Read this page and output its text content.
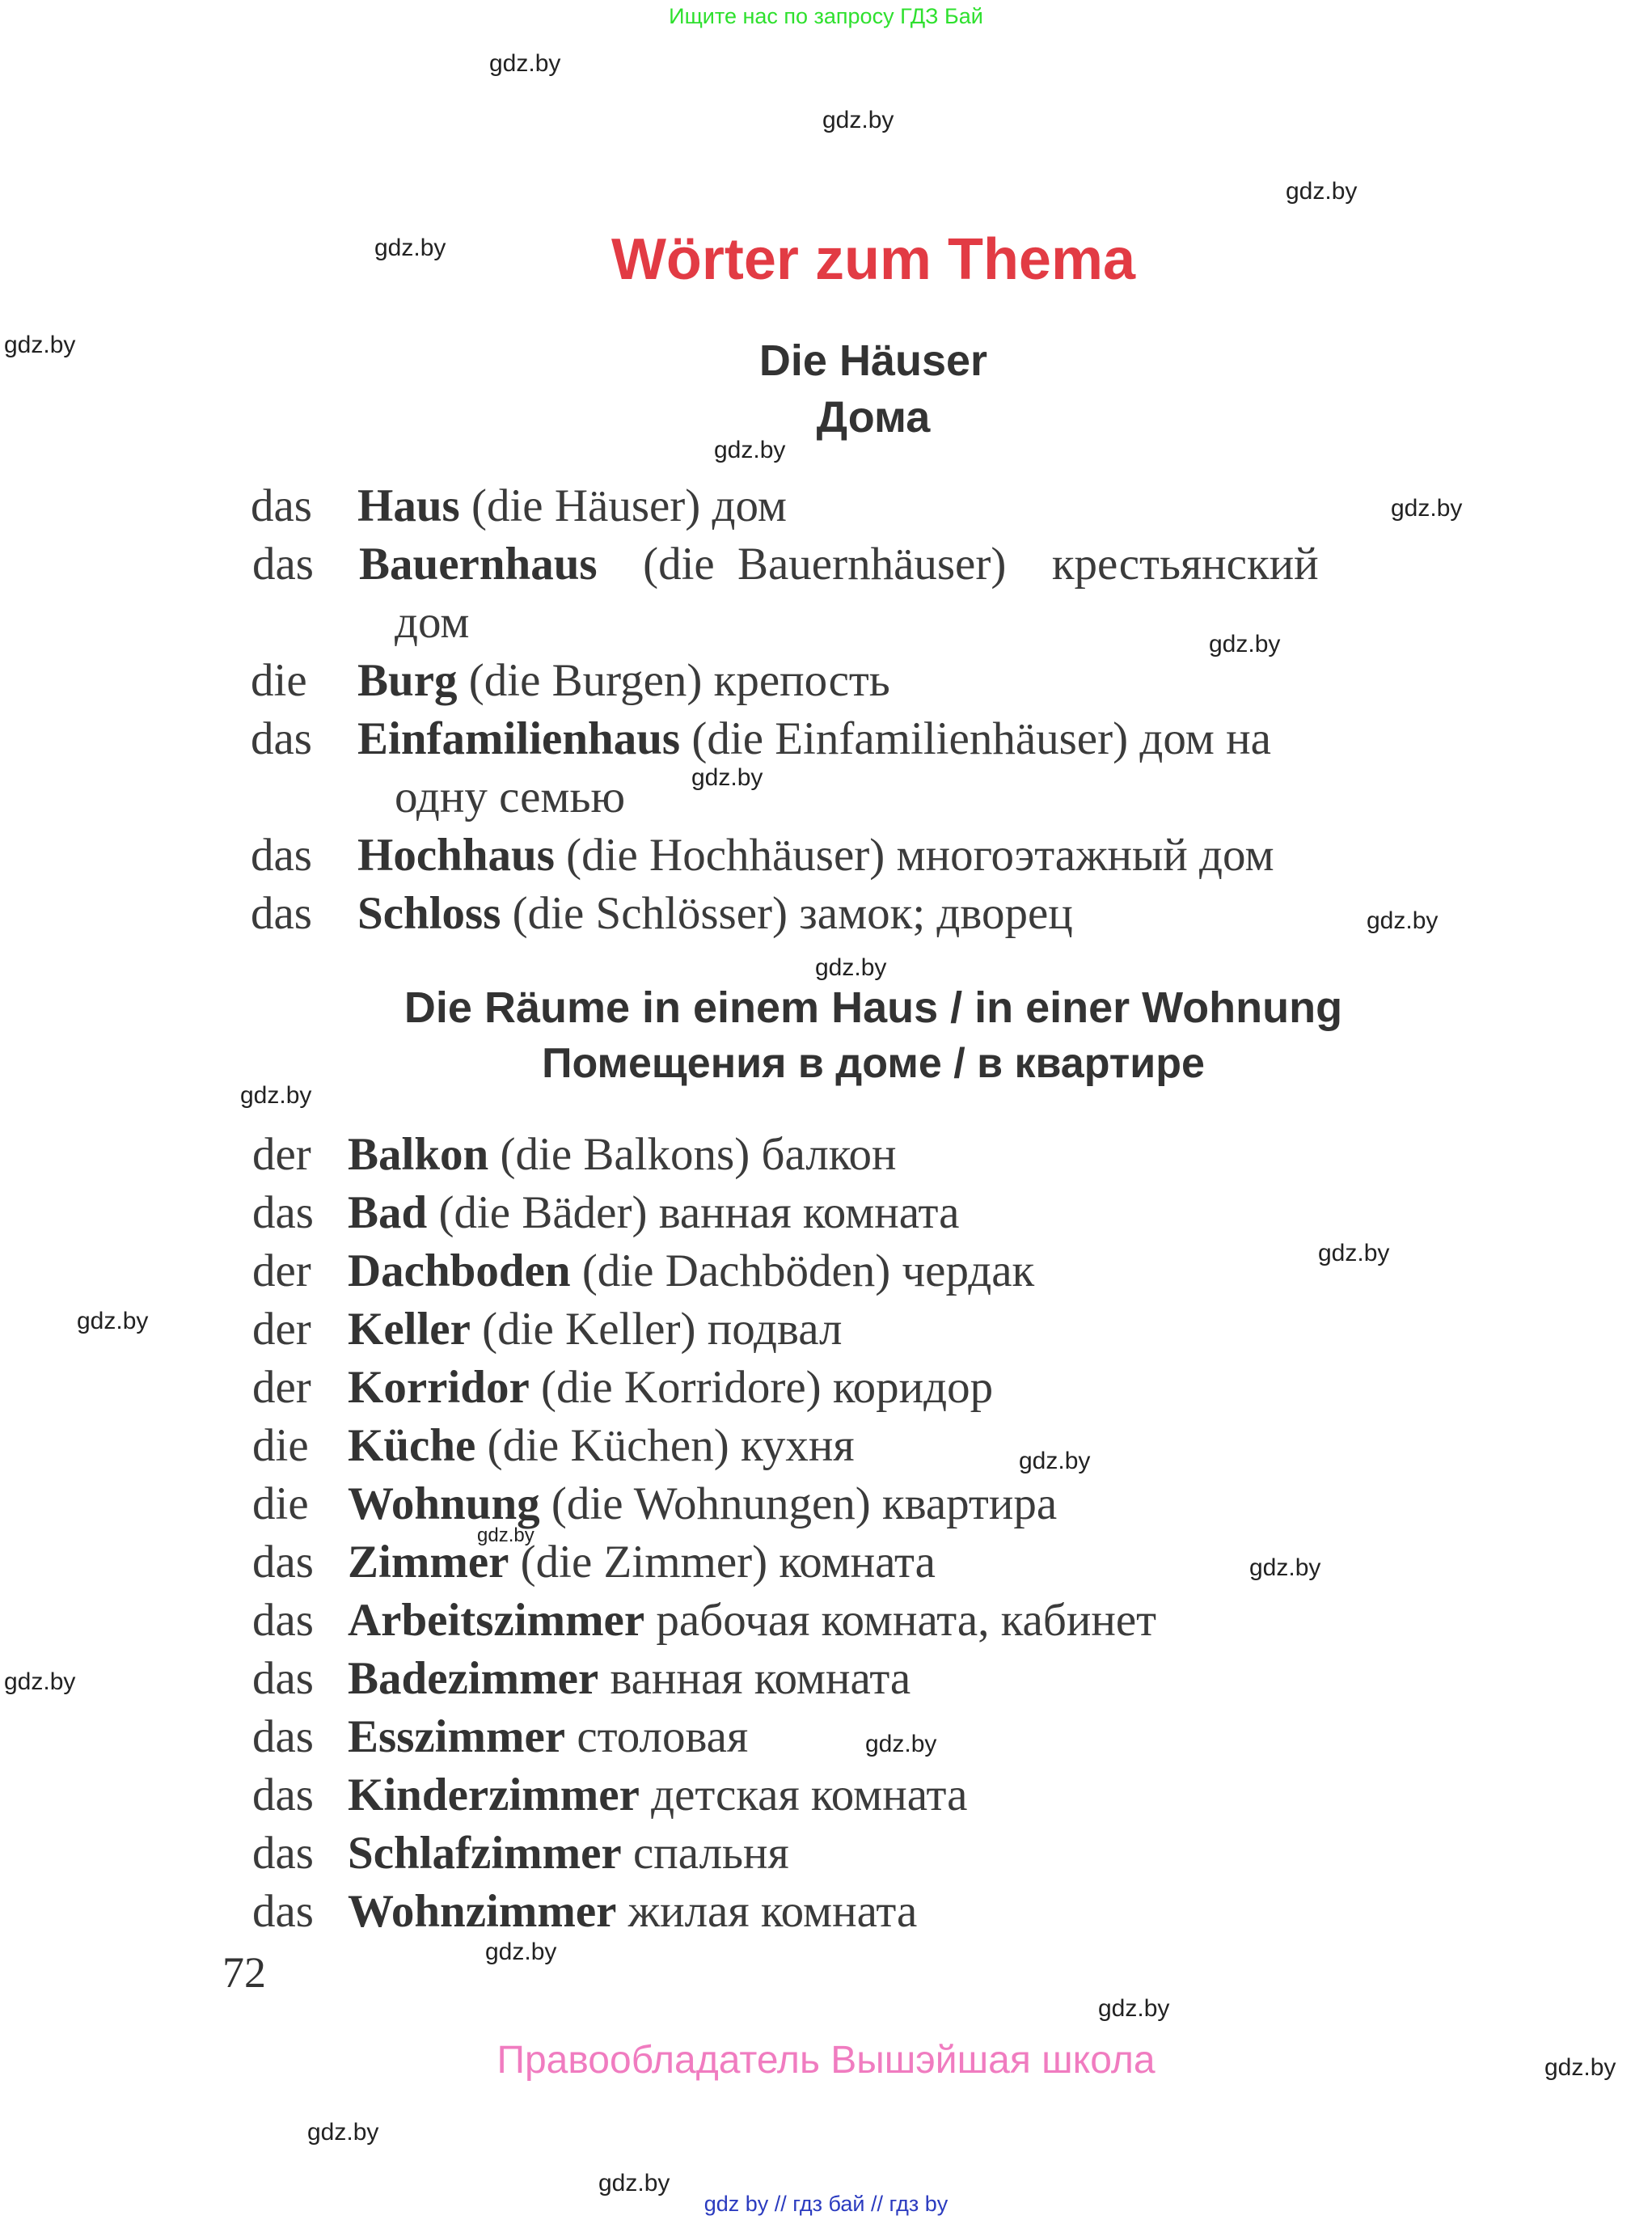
Ищите нас по запросу ГДЗ Бай
Wörter zum Thema
Die Häuser
Дома
das Haus (die Häuser) дом
das Bauernhaus (die Bauernhäuser) крестьянский
дом
die Burg (die Burgen) крепость
das Einfamilienhaus (die Einfamilienhäuser) дом на
одну семью
das Hochhaus (die Hochhäuser) многоэтажный дом
das Schloss (die Schlösser) замок; дворец
Die Räume in einem Haus / in einer Wohnung
Помещения в доме / в квартире
der Balkon (die Balkons) балкон
das Bad (die Bäder) ванная комната
der Dachboden (die Dachböden) чердак
der Keller (die Keller) подвал
der Korridor (die Korridore) коридор
die Küche (die Küchen) кухня
die Wohnung (die Wohnungen) квартира
das Zimmer (die Zimmer) комната
das Arbeitszimmer рабочая комната, кабинет
das Badezimmer ванная комната
das Esszimmer столовая
das Kinderzimmer детская комната
das Schlafzimmer спальня
das Wohnzimmer жилая комната
72
Правообладатель Вышэйшая школа
gdz by // гдз бай // гдз by
gdz.by
gdz.by
gdz.by
gdz.by
gdz.by
gdz.by
gdz.by
gdz.by
gdz.by
gdz.by
gdz.by
gdz.by
gdz.by
gdz.by
gdz.by
gdz.by
gdz.by
gdz.by
gdz.by
gdz.by
gdz.by
gdz.by
gdz.by
gdz.by
